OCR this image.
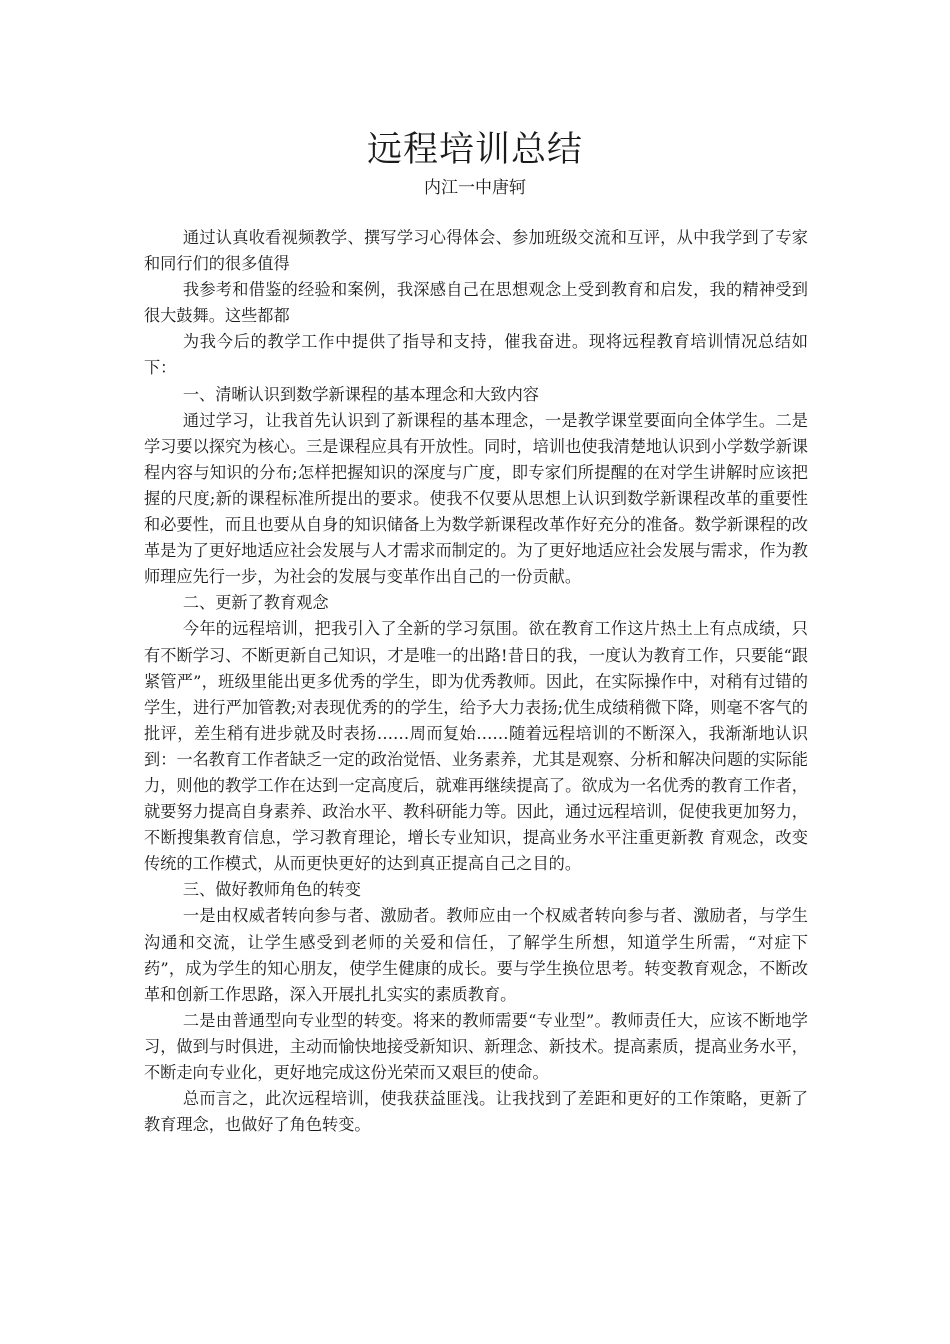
远程培训总结
内江一中唐轲

通过认真收看视频教学、撰写学习心得体会、参加班级交流和互评，从中我学到了专家和同行们的很多值得

我参考和借鉴的经验和案例，我深感自己在思想观念上受到教育和启发，我的精神受到很大鼓舞。这些都都

为我今后的教学工作中提供了指导和支持，催我奋进。现将远程教育培训情况总结如下：

一、清晰认识到数学新课程的基本理念和大致内容

通过学习，让我首先认识到了新课程的基本理念，一是教学课堂要面向全体学生。二是学习要以探究为核心。三是课程应具有开放性。同时，培训也使我清楚地认识到小学数学新课程内容与知识的分布;怎样把握知识的深度与广度，即专家们所提醒的在对学生讲解时应该把握的尺度;新的课程标准所提出的要求。使我不仅要从思想上认识到数学新课程改革的重要性和必要性，而且也要从自身的知识储备上为数学新课程改革作好充分的准备。数学新课程的改革是为了更好地适应社会发展与人才需求而制定的。为了更好地适应社会发展与需求，作为教师理应先行一步，为社会的发展与变革作出自己的一份贡献。

二、更新了教育观念

今年的远程培训，把我引入了全新的学习氛围。欲在教育工作这片热土上有点成绩，只有不断学习、不断更新自己知识，才是唯一的出路!昔日的我，一度认为教育工作，只要能“跟紧管严”，班级里能出更多优秀的学生，即为优秀教师。因此，在实际操作中，对稍有过错的学生，进行严加管教;对表现优秀的的学生，给予大力表扬;优生成绩稍微下降，则毫不客气的批评，差生稍有进步就及时表扬……周而复始……随着远程培训的不断深入，我渐渐地认识到：一名教育工作者缺乏一定的政治觉悟、业务素养，尤其是观察、分析和解决问题的实际能力，则他的教学工作在达到一定高度后，就难再继续提高了。欲成为一名优秀的教育工作者，就要努力提高自身素养、政治水平、教科研能力等。因此，通过远程培训，促使我更加努力，不断搜集教育信息，学习教育理论，增长专业知识，提高业务水平注重更新教 育观念，改变传统的工作模式，从而更快更好的达到真正提高自己之目的。

三、做好教师角色的转变

一是由权威者转向参与者、激励者。教师应由一个权威者转向参与者、激励者，与学生沟通和交流，让学生感受到老师的关爱和信任，了解学生所想，知道学生所需，“对症下药”，成为学生的知心朋友，使学生健康的成长。要与学生换位思考。转变教育观念，不断改革和创新工作思路，深入开展扎扎实实的素质教育。

二是由普通型向专业型的转变。将来的教师需要“专业型”。教师责任大，应该不断地学习，做到与时俱进，主动而愉快地接受新知识、新理念、新技术。提高素质，提高业务水平，不断走向专业化，更好地完成这份光荣而又艰巨的使命。

总而言之，此次远程培训，使我获益匪浅。让我找到了差距和更好的工作策略，更新了教育理念，也做好了角色转变。
